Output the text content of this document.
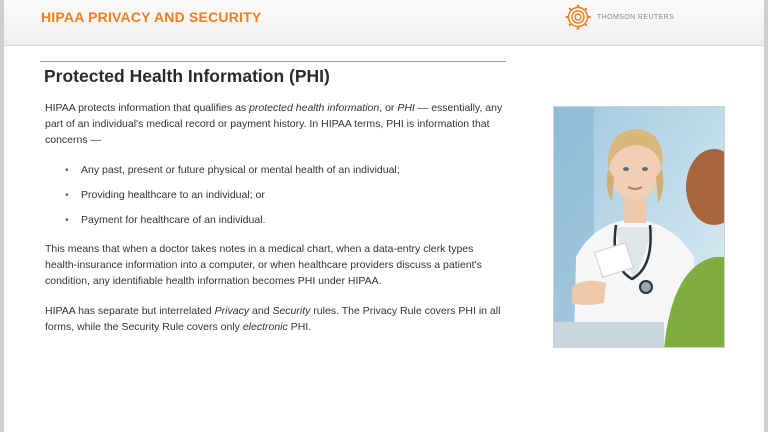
HIPAA PRIVACY AND SECURITY	THOMSON REUTERS
Protected Health Information (PHI)

HIPAA protects information that qualifies as protected health information, or PHI — essentially, any part of an individual's medical record or payment history. In HIPAA terms, PHI is information that concerns —

• Any past, present or future physical or mental health of an individual;
• Providing healthcare to an individual; or
• Payment for healthcare of an individual.

This means that when a doctor takes notes in a medical chart, when a data-entry clerk types health-insurance information into a computer, or when healthcare providers discuss a patient's condition, any identifiable health information becomes PHI under HIPAA.

HIPAA has separate but interrelated Privacy and Security rules. The Privacy Rule covers PHI in all forms, while the Security Rule covers only electronic PHI.
